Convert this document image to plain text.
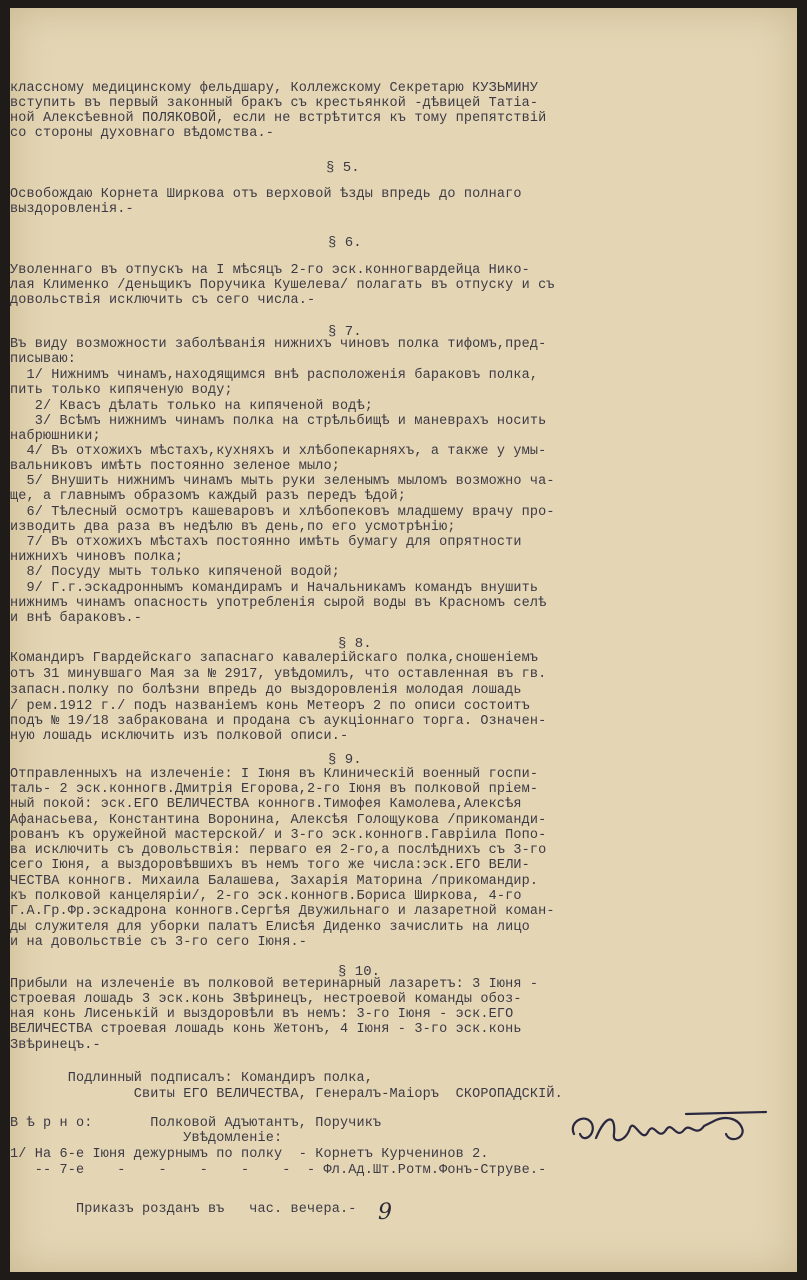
классному медицинскому фельдшару, Коллежскому Секретарю КУЗЬМИНУ
вступить въ первый законный бракъ съ крестьянкой -дѣвицей Татіа-
ной Алексѣевной ПОЛЯКОВОЙ, если не встрѣтится къ тому препятствій
со стороны духовнаго вѣдомства.-
§ 5.
Освобождаю Корнета Ширкова отъ верховой ѣзды впредь до полнаго
выздоровленія.-
§ 6.
Уволеннаго въ отпускъ на I мѣсяцъ 2-го эск.конногвардейца Нико-
лая Клименко /деньщикъ Поручика Кушелева/ полагать въ отпуску и съ
довольствія исключить съ сего числа.-
§ 7.
Въ виду возможности заболѣванія нижнихъ чиновъ полка тифомъ,пред-
писываю:
1/ Нижнимъ чинамъ,находящимся внѣ расположенія бараковъ полка,
пить только кипяченую воду;
2/ Квасъ дѣлать только на кипяченой водѣ;
3/ Всѣмъ нижнимъ чинамъ полка на стрѣльбищѣ и маневрахъ носить
набрюшники;
4/ Въ отхожихъ мѣстахъ,кухняхъ и хлѣбопекарняхъ, а также у умы-
вальниковъ имѣть постоянно зеленое мыло;
5/ Внушить нижнимъ чинамъ мыть руки зеленымъ мыломъ возможно ча-
ще, а главнымъ образомъ каждый разъ передъ ѣдой;
6/ Тѣлесный осмотръ кашеваровъ и хлѣбопековъ младшему врачу про-
изводить два раза въ недѣлю въ день,по его усмотрѣнію;
7/ Въ отхожихъ мѣстахъ постоянно имѣть бумагу для опрятности
нижнихъ чиновъ полка;
8/ Посуду мыть только кипяченой водой;
9/ Г.г.эскадроннымъ командирамъ и Начальникамъ командъ внушить
нижнимъ чинамъ опасность употребленія сырой воды въ Красномъ селѣ
и внѣ бараковъ.-
§ 8.
Командиръ Гвардейскаго запаснаго кавалерійскаго полка,сношеніемъ
отъ 31 минувшаго Мая за № 2917, увѣдомилъ, что оставленная въ гв.
запасн.полку по болѣзни впредь до выздоровленія молодая лошадь
/ рем.1912 г./ подъ названіемъ конь Метеоръ 2 по описи состоитъ
подъ № 19/18 забракована и продана съ аукціоннаго торга. Означен-
ную лошадь исключить изъ полковой описи.-
§ 9.
Отправленныхъ на излеченіе: I Іюня въ Клиническій военный госпи-
таль- 2 эск.конногв.Дмитрія Егорова,2-го Іюня въ полковой пріем-
ный покой: эск.ЕГО ВЕЛИЧЕСТВА конногв.Тимофея Камолева,Алексѣя
Афанасьева, Константина Воронина, Алексѣя Голощукова /прикоманди-
рованъ къ оружейной мастерской/ и 3-го эск.конногв.Гаврiила Попо-
ва исключить съ довольствія: перваго ея 2-го,а послѣднихъ съ 3-го
сего Іюня, а выздоровѣвшихъ въ немъ того же числа:эск.ЕГО ВЕЛИ-
ЧЕСТВА конногв. Михаила Балашева, Захарія Маторина /прикомандир.
къ полковой канцеляріи/, 2-го эск.конногв.Бориса Ширкова, 4-го
Г.А.Гр.Фр.эскадрона конногв.Сергѣя Двужильнаго и лазаретной коман-
ды служителя для уборки палатъ Елисѣя Диденко зачислить на лицо
и на довольствіе съ 3-го сего Іюня.-
§ 10.
Прибыли на излеченіе въ полковой ветеринарный лазаретъ: 3 Іюня -
строевая лошадь 3 эск.конь Звѣринецъ, нестроевой команды обоз-
ная конь Лисенькій и выздоровѣли въ немъ: 3-го Іюня - эск.ЕГО
ВЕЛИЧЕСТВА строевая лошадь конь Жетонъ, 4 Іюня - 3-го эск.конь
Звѣринецъ.-
Подлинный подписалъ: Командиръ полка,
Свиты ЕГО ВЕЛИЧЕСТВА, Генералъ-Маіоръ  СКОРОПАДСКІЙ.
В ѣ р н о:       Полковой Адъютантъ, Поручикъ
Увѣдомленіе:
1/ На 6-е Іюня дежурнымъ по полку  - Корнетъ Курченинов 2.
-- 7-е    -    -    -    -    -  - Фл.Ад.Шт.Ротм.Фонъ-Струве.-
Приказъ розданъ въ   час. вечера.- 9
